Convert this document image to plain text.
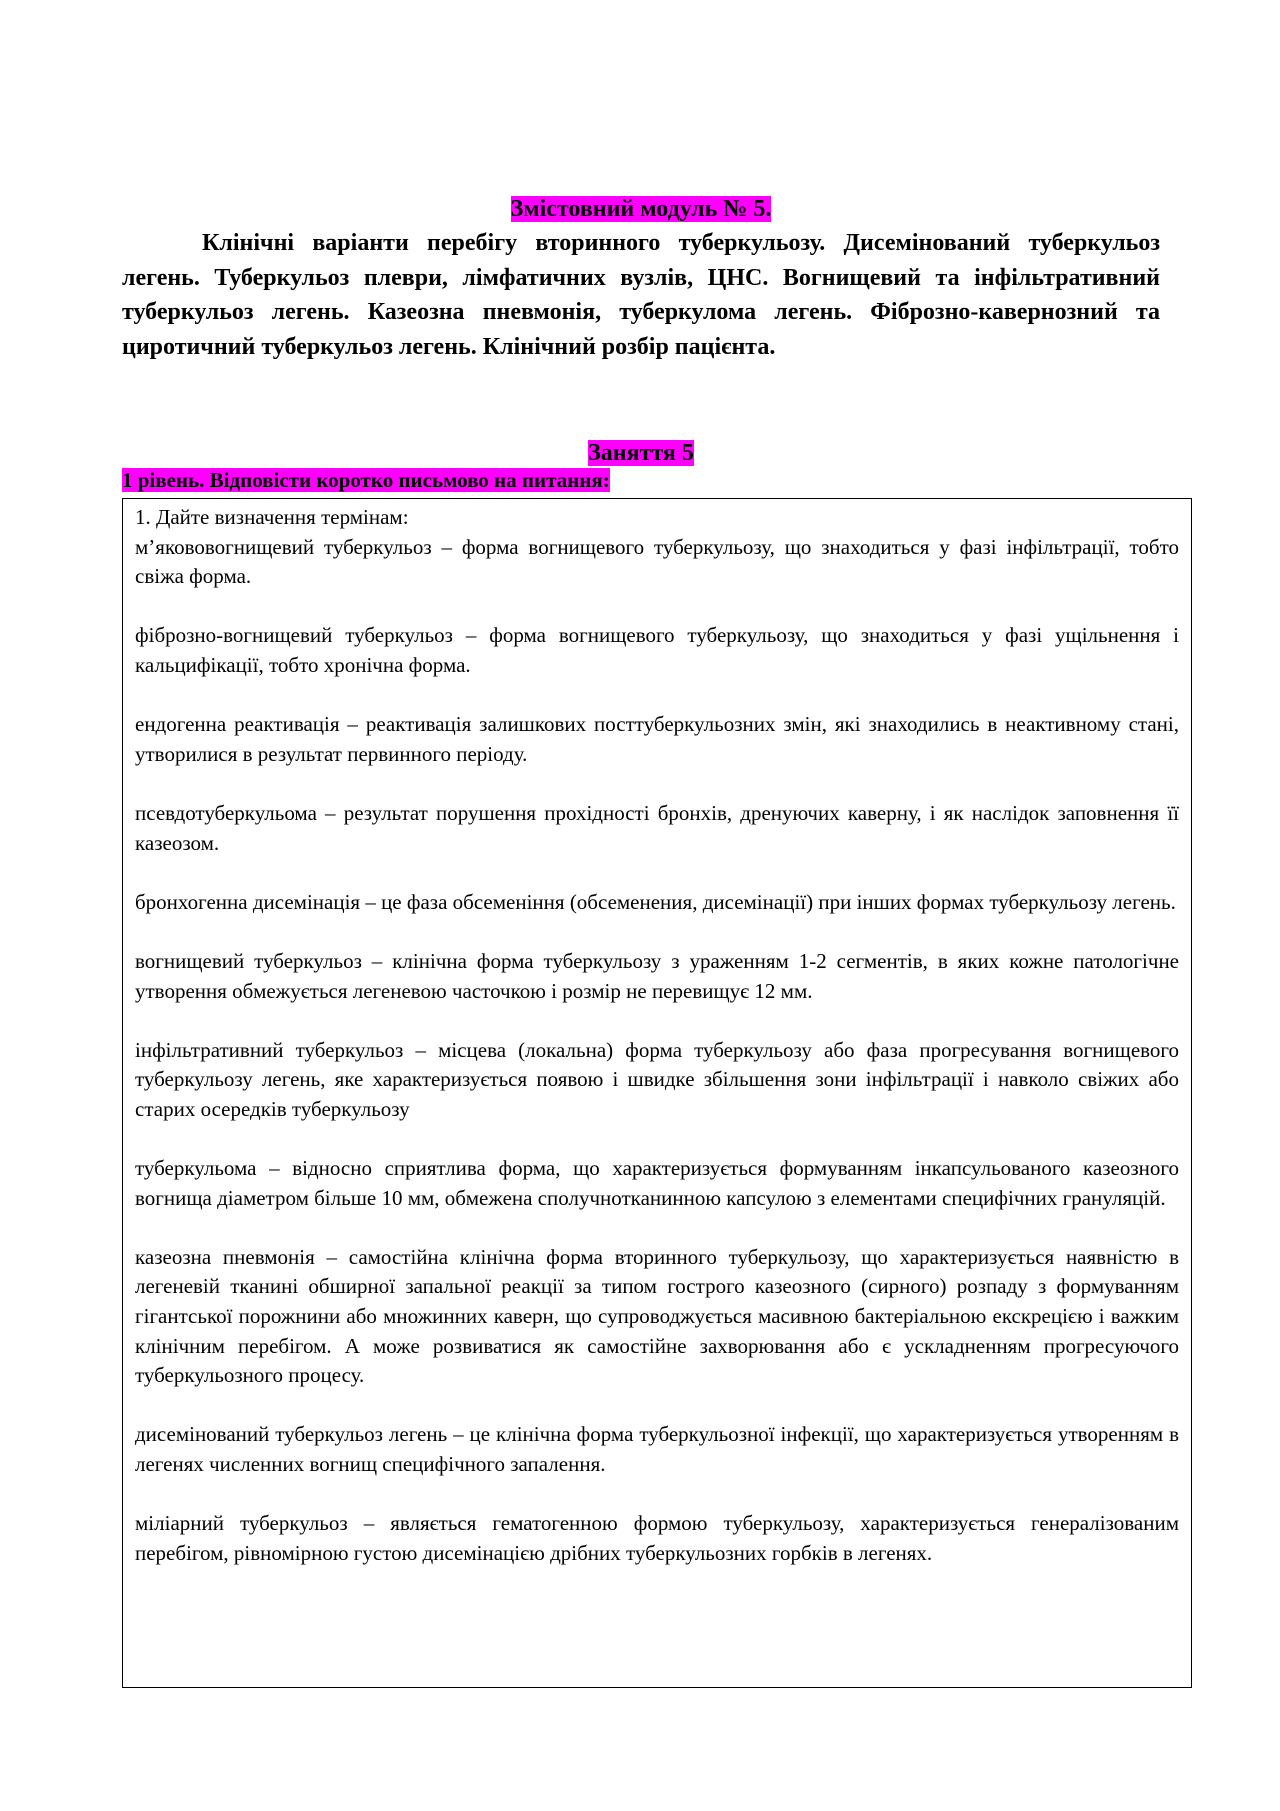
Змістовний модуль № 5.

Клінічні варіанти перебігу вторинного туберкульозу. Дисемінований туберкульоз легень. Туберкульоз плеври, лімфатичних вузлів, ЦНС. Вогнищевий та інфільтративний туберкульоз легень. Казеозна пневмонія, туберкулома легень. Фіброзно-кавернозний та циротичний туберкульоз легень. Клінічний розбір пацієнта.

Заняття 5
1 рівень. Відповісти коротко письмово на питання:

1. Дайте визначення термінам:

м’якововогнищевий туберкульоз – форма вогнищевого туберкульозу, що знаходиться у фазі інфільтрації, тобто свіжа форма.

фіброзно-вогнищевий туберкульоз – форма вогнищевого туберкульозу, що знаходиться у фазі ущільнення і кальцифікації, тобто хронічна форма.

ендогенна реактивація – реактивація залишкових посттуберкульозних змін, які знаходились в неактивному стані, утворилися в результат первинного періоду.

псевдотуберкульома – результат порушення прохідності бронхів, дренуючих каверну, і як наслідок заповнення її казеозом.

бронхогенна дисемінація – це фаза обсеменіння (обсеменения, дисемінації) при інших формах туберкульозу легень.

вогнищевий туберкульоз – клінічна форма туберкульозу з ураженням 1-2 сегментів, в яких кожне патологічне утворення обмежується легеневою часточкою і розмір не перевищує 12 мм.

інфільтративний туберкульоз – місцева (локальна) форма туберкульозу або фаза прогресування вогнищевого туберкульозу легень, яке характеризується появою і швидке збільшення зони інфільтрації і навколо свіжих або старих осередків туберкульозу

туберкульома – відносно сприятлива форма, що характеризується формуванням інкапсульованого казеозного вогнища діаметром більше 10 мм, обмежена сполучнотканинною капсулою з елементами специфічних грануляцій.

казеозна пневмонія – самостійна клінічна форма вторинного туберкульозу, що характеризується наявністю в легеневій тканині обширної запальної реакції за типом гострого казеозного (сирного) розпаду з формуванням гігантської порожнини або множинних каверн, що супроводжується масивною бактеріальною екскрецією і важким клінічним перебігом. А може розвиватися як самостійне захворювання або є ускладненням прогресуючого туберкульозного процесу.

дисемінований туберкульоз легень – це клінічна форма туберкульозної інфекції, що характеризується утворенням в легенях численних вогнищ специфічного запалення.

міліарний туберкульоз – являється гематогенною формою туберкульозу, характеризується генералізованим перебігом, рівномірною густою дисемінацією дрібних туберкульозних горбків в легенях.
